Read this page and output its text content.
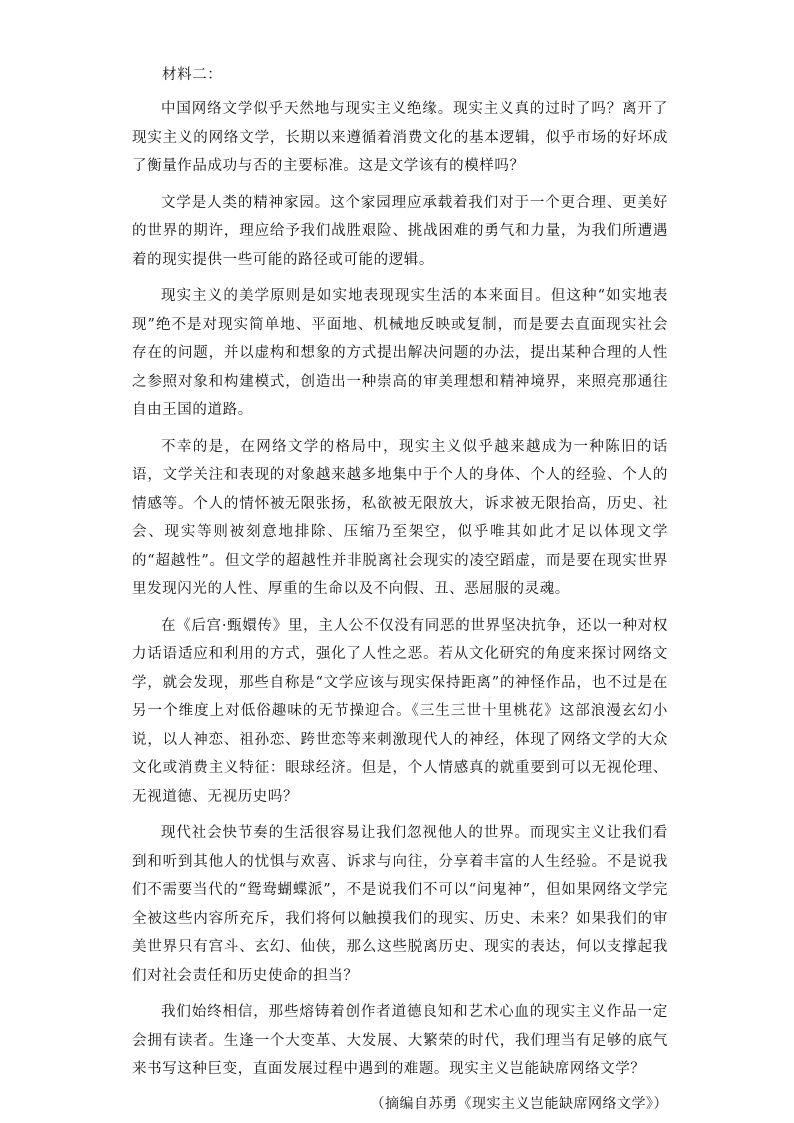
材料二：

中国网络文学似乎天然地与现实主义绝缘。现实主义真的过时了吗？离开了现实主义的网络文学，长期以来遵循着消费文化的基本逻辑，似乎市场的好坏成了衡量作品成功与否的主要标准。这是文学该有的模样吗？

文学是人类的精神家园。这个家园理应承载着我们对于一个更合理、更美好的世界的期许，理应给予我们战胜艰险、挑战困难的勇气和力量，为我们所遭遇着的现实提供一些可能的路径或可能的逻辑。

现实主义的美学原则是如实地表现现实生活的本来面目。但这种“如实地表现”绝不是对现实简单地、平面地、机械地反映或复制，而是要去直面现实社会存在的问题，并以虚构和想象的方式提出解决问题的办法，提出某种合理的人性之参照对象和构建模式，创造出一种崇高的审美理想和精神境界，来照亮那通往自由王国的道路。

不幸的是，在网络文学的格局中，现实主义似乎越来越成为一种陈旧的话语，文学关注和表现的对象越来越多地集中于个人的身体、个人的经验、个人的情感等。个人的情怀被无限张扬，私欲被无限放大，诉求被无限抬高，历史、社会、现实等则被刻意地排除、压缩乃至架空，似乎唯其如此才足以体现文学的“超越性”。但文学的超越性并非脱离社会现实的凌空蹈虚，而是要在现实世界里发现闪光的人性、厚重的生命以及不向假、丑、恶屈服的灵魂。

在《后宫·甄嬛传》里，主人公不仅没有同恶的世界坚决抗争，还以一种对权力话语适应和利用的方式，强化了人性之恶。若从文化研究的角度来探讨网络文学，就会发现，那些自称是“文学应该与现实保持距离”的神怪作品，也不过是在另一个维度上对低俗趣味的无节操迎合。《三生三世十里桃花》这部浪漫玄幻小说，以人神恋、祖孙恋、跨世恋等来刺激现代人的神经，体现了网络文学的大众文化或消费主义特征：眼球经济。但是，个人情感真的就重要到可以无视伦理、无视道德、无视历史吗？

现代社会快节奏的生活很容易让我们忽视他人的世界。而现实主义让我们看到和听到其他人的忧惧与欢喜、诉求与向往，分享着丰富的人生经验。不是说我们不需要当代的“鸳鸯蝴蝶派”，不是说我们不可以“问鬼神”，但如果网络文学完全被这些内容所充斥，我们将何以触摸我们的现实、历史、未来？如果我们的审美世界只有宫斗、玄幻、仙侠，那么这些脱离历史、现实的表达，何以支撑起我们对社会责任和历史使命的担当？

我们始终相信，那些熔铸着创作者道德良知和艺术心血的现实主义作品一定会拥有读者。生逢一个大变革、大发展、大繁荣的时代，我们理当有足够的底气来书写这种巨变，直面发展过程中遇到的难题。现实主义岂能缺席网络文学？

（摘编自苏勇《现实主义岂能缺席网络文学》）
